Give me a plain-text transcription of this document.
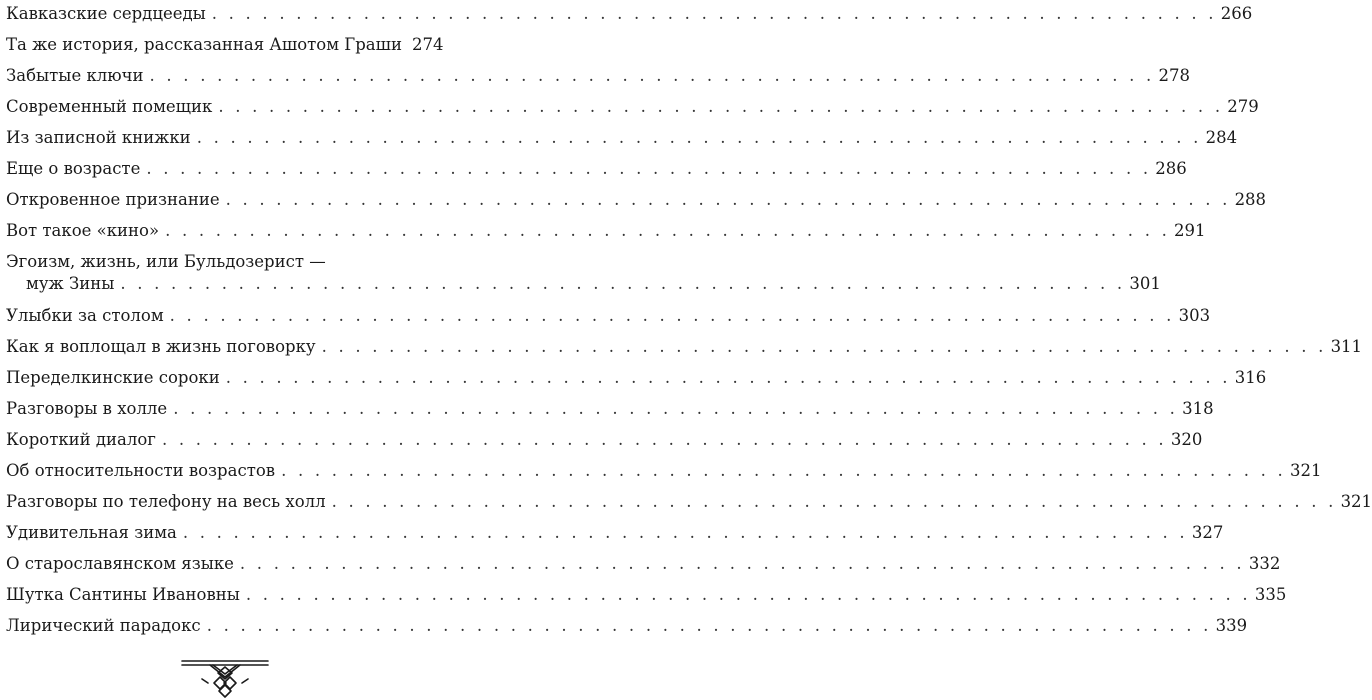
Кавказские сердцееды . . .	266
Та же история, рассказанная Ашотом Граши 274
Забытые ключи . . .	278
Современный помещик . . .	279
Из записной книжки . . .	284
Еще о возрасте . . .	286
Откровенное признание . . .	288
Вот такое «кино» . . .	291
Эгоизм, жизнь, или Бульдозерист —
муж Зины . . .	301
Улыбки за столом . . .	303
Как я воплощал в жизнь поговорку . . .	311
Переделкинские сороки . . .	316
Разговоры в холле . . .	318
Короткий диалог . . .	320
Об относительности возрастов . . .	321
Разговоры по телефону на весь холл . . .	321
Удивительная зима . . .	327
О старославянском языке . . .	332
Шутка Сантины Ивановны . . .	335
Лирический парадокс . . .	339
